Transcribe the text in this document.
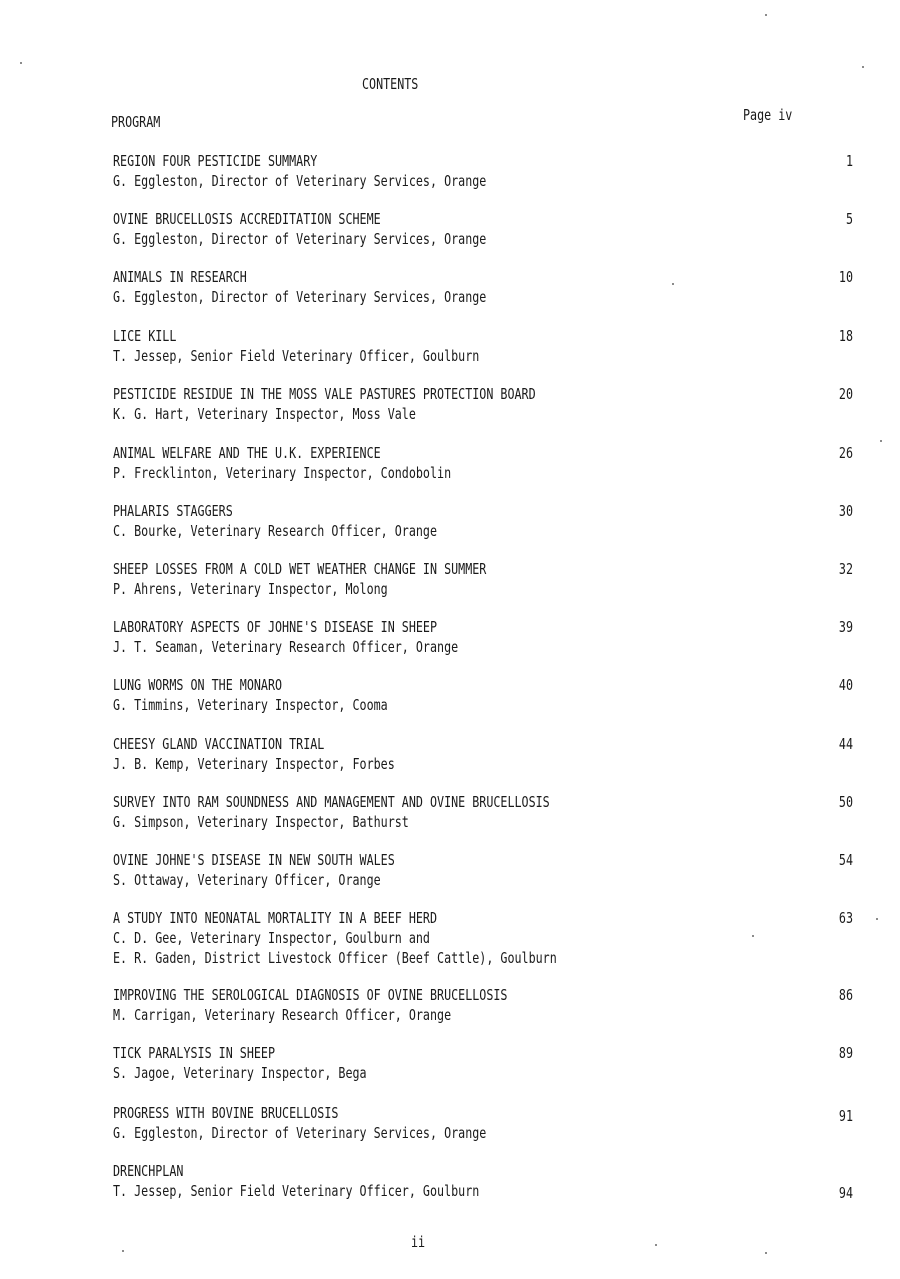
CONTENTS
PROGRAM	Page iv
REGION FOUR PESTICIDE SUMMARY
G. Eggleston, Director of Veterinary Services, Orange
1
OVINE BRUCELLOSIS ACCREDITATION SCHEME
G. Eggleston, Director of Veterinary Services, Orange
5
ANIMALS IN RESEARCH
G. Eggleston, Director of Veterinary Services, Orange
10
LICE KILL
T. Jessep, Senior Field Veterinary Officer, Goulburn
18
PESTICIDE RESIDUE IN THE MOSS VALE PASTURES PROTECTION BOARD
K. G. Hart, Veterinary Inspector, Moss Vale
20
ANIMAL WELFARE AND THE U.K. EXPERIENCE
P. Frecklinton, Veterinary Inspector, Condobolin
26
PHALARIS STAGGERS
C. Bourke, Veterinary Research Officer, Orange
30
SHEEP LOSSES FROM A COLD WET WEATHER CHANGE IN SUMMER
P. Ahrens, Veterinary Inspector, Molong
32
LABORATORY ASPECTS OF JOHNE'S DISEASE IN SHEEP
J. T. Seaman, Veterinary Research Officer, Orange
39
LUNG WORMS ON THE MONARO
G. Timmins, Veterinary Inspector, Cooma
40
CHEESY GLAND VACCINATION TRIAL
J. B. Kemp, Veterinary Inspector, Forbes
44
SURVEY INTO RAM SOUNDNESS AND MANAGEMENT AND OVINE BRUCELLOSIS
G. Simpson, Veterinary Inspector, Bathurst
50
OVINE JOHNE'S DISEASE IN NEW SOUTH WALES
S. Ottaway, Veterinary Officer, Orange
54
A STUDY INTO NEONATAL MORTALITY IN A BEEF HERD
C. D. Gee, Veterinary Inspector, Goulburn and
E. R. Gaden, District Livestock Officer (Beef Cattle), Goulburn
63
IMPROVING THE SEROLOGICAL DIAGNOSIS OF OVINE BRUCELLOSIS
M. Carrigan, Veterinary Research Officer, Orange
86
TICK PARALYSIS IN SHEEP
S. Jagoe, Veterinary Inspector, Bega
89
PROGRESS WITH BOVINE BRUCELLOSIS
G. Eggleston, Director of Veterinary Services, Orange
91
DRENCHPLAN
T. Jessep, Senior Field Veterinary Officer, Goulburn	94
ii
